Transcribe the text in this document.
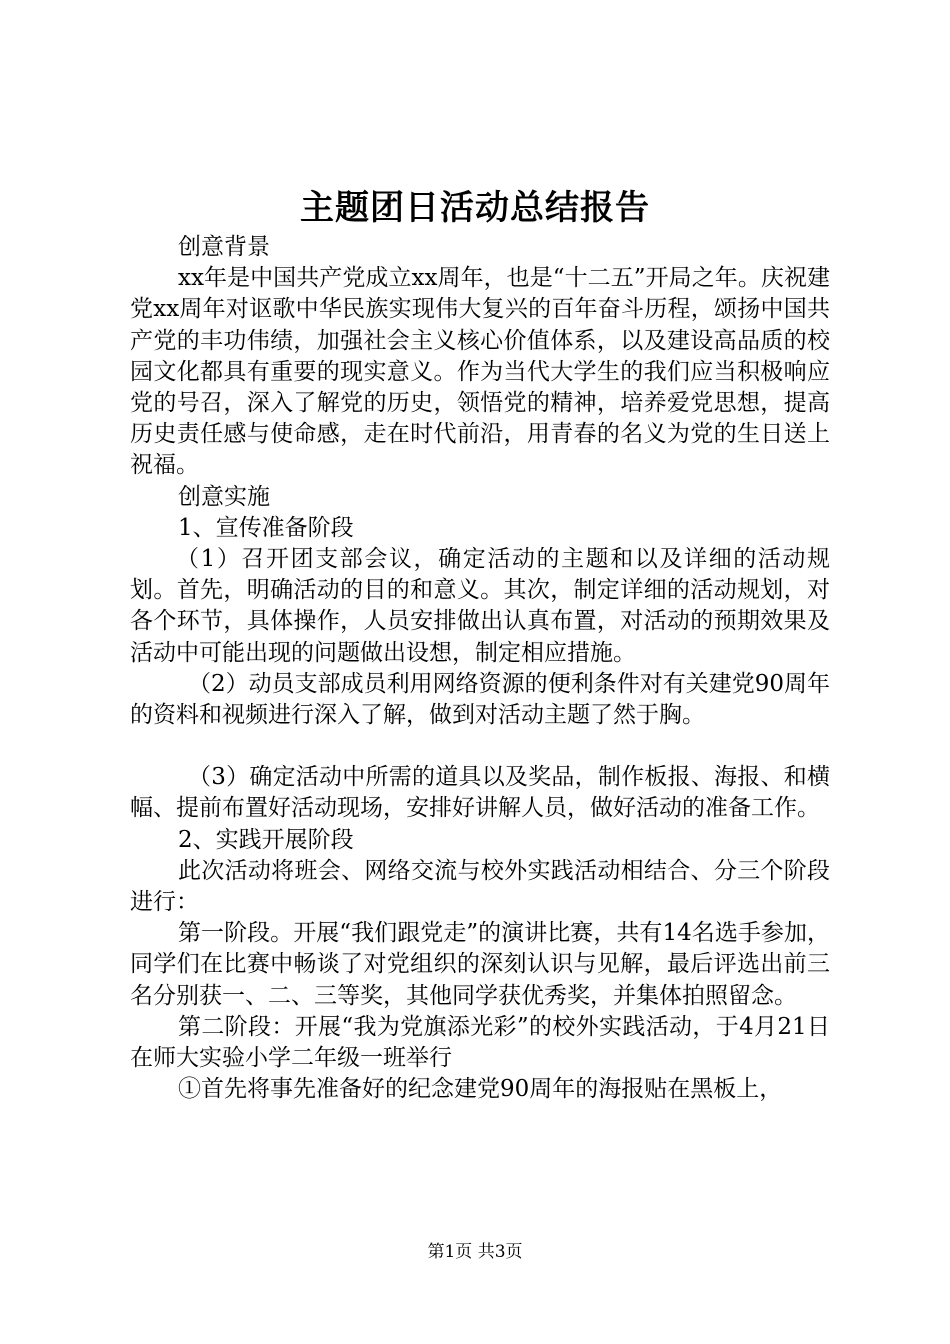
主题团日活动总结报告

创意背景

xx年是中国共产党成立xx周年，也是“十二五”开局之年。庆祝建党xx周年对讴歌中华民族实现伟大复兴的百年奋斗历程，颂扬中国共产党的丰功伟绩，加强社会主义核心价值体系，以及建设高品质的校园文化都具有重要的现实意义。作为当代大学生的我们应当积极响应党的号召，深入了解党的历史，领悟党的精神，培养爱党思想，提高历史责任感与使命感，走在时代前沿，用青春的名义为党的生日送上祝福。

创意实施

1、宣传准备阶段

（1）召开团支部会议，确定活动的主题和以及详细的活动规划。首先，明确活动的目的和意义。其次，制定详细的活动规划，对各个环节，具体操作，人员安排做出认真布置，对活动的预期效果及活动中可能出现的问题做出设想，制定相应措施。

（2）动员支部成员利用网络资源的便利条件对有关建党90周年的资料和视频进行深入了解，做到对活动主题了然于胸。

（3）确定活动中所需的道具以及奖品，制作板报、海报、和横幅、提前布置好活动现场，安排好讲解人员，做好活动的准备工作。

2、实践开展阶段

此次活动将班会、网络交流与校外实践活动相结合、分三个阶段进行：

第一阶段。开展“我们跟党走”的演讲比赛，共有14名选手参加，同学们在比赛中畅谈了对党组织的深刻认识与见解，最后评选出前三名分别获一、二、三等奖，其他同学获优秀奖，并集体拍照留念。

第二阶段：开展“我为党旗添光彩”的校外实践活动，于4月21日在师大实验小学二年级一班举行

①首先将事先准备好的纪念建党90周年的海报贴在黑板上，

第1页 共3页
